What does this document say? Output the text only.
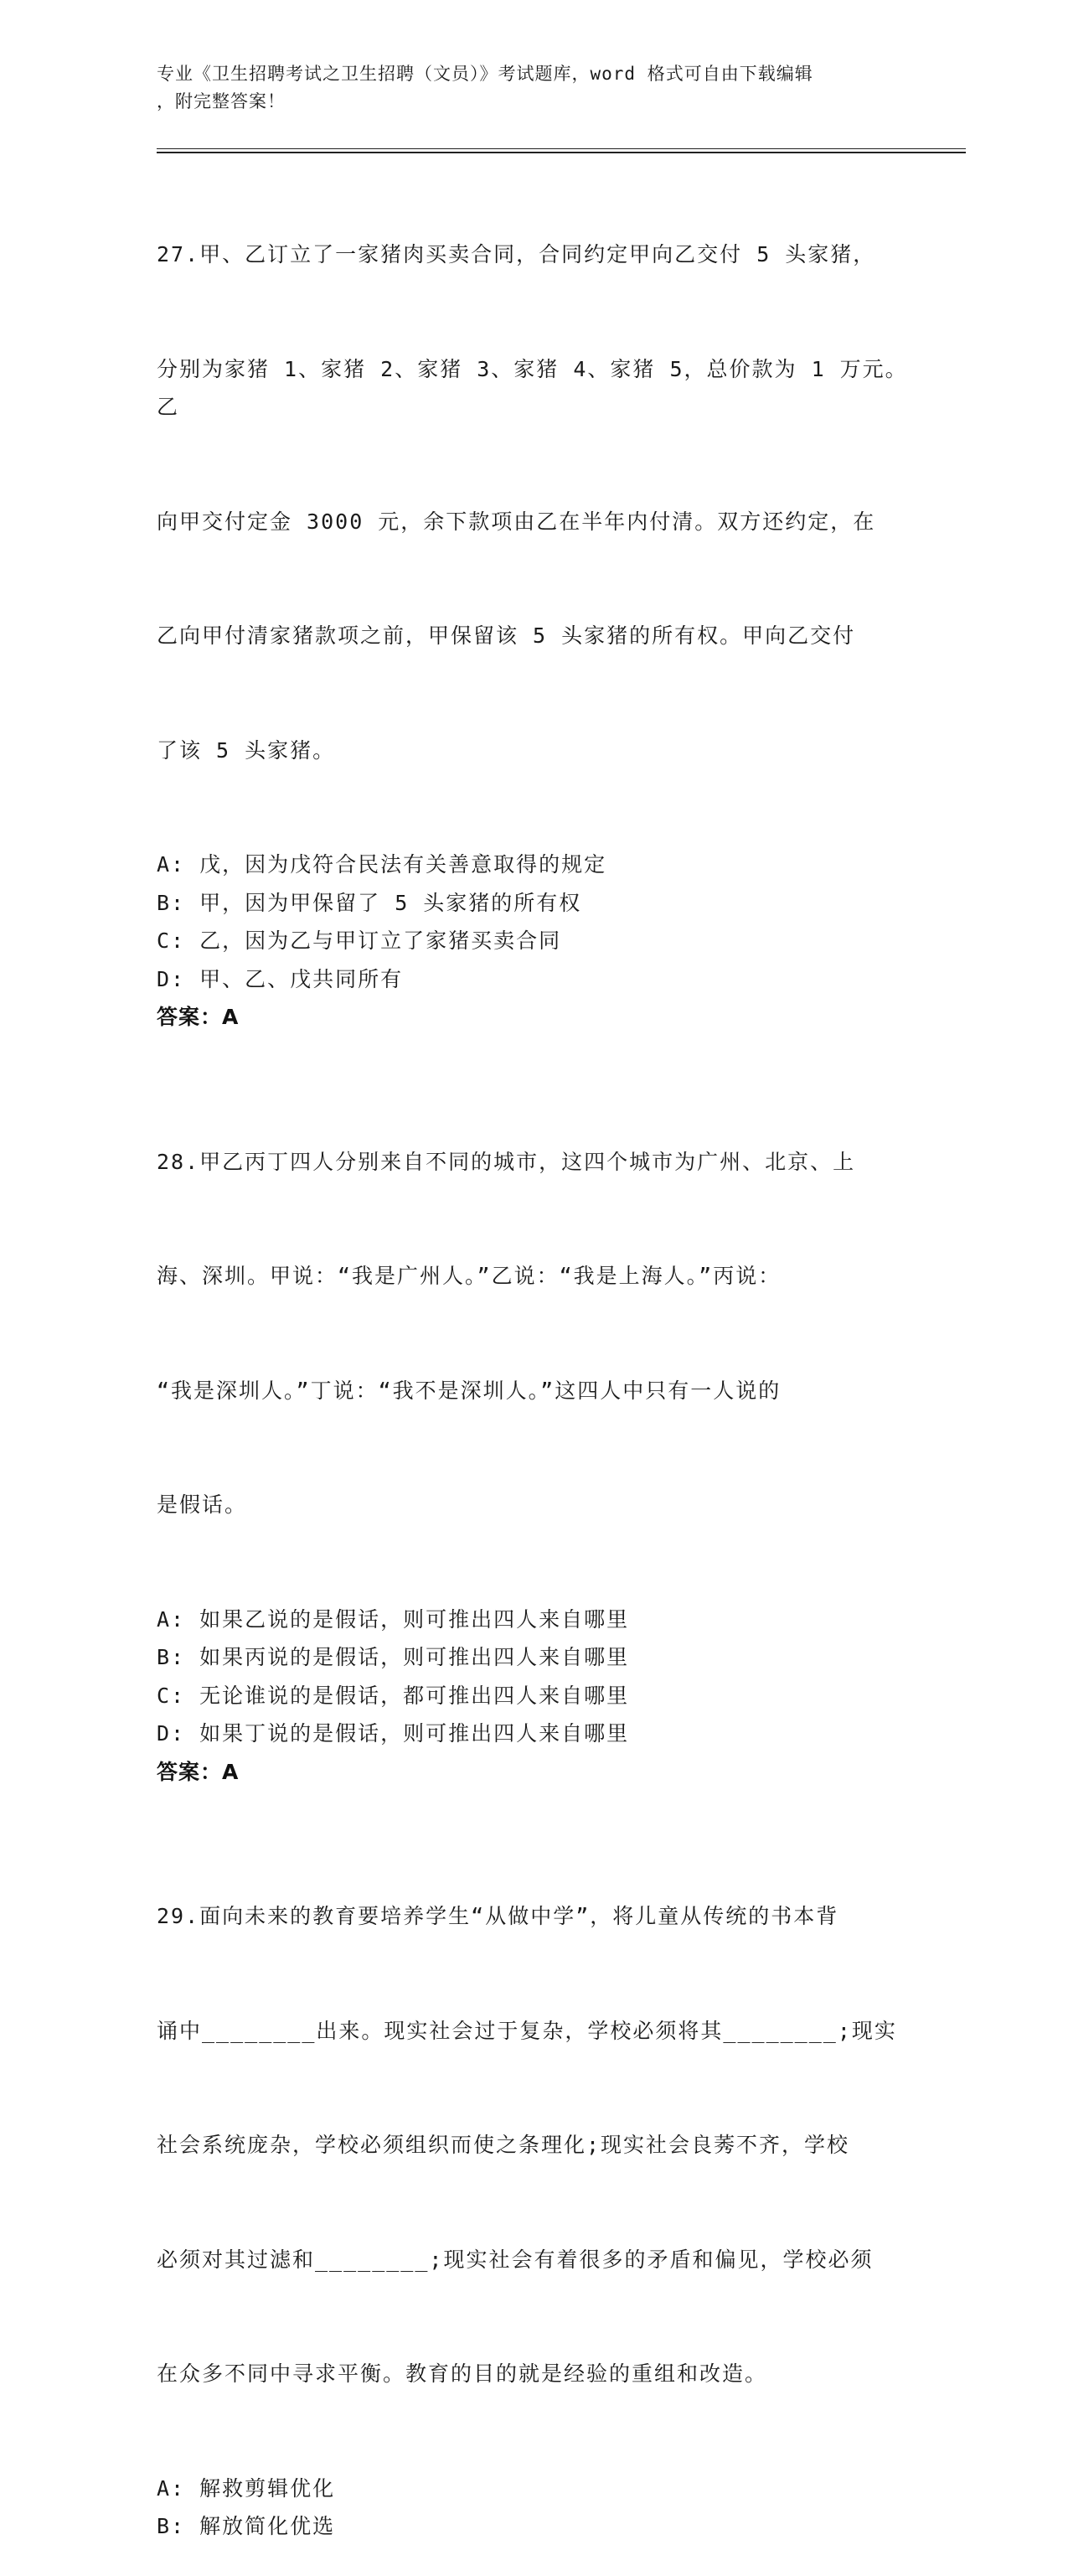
专业《卫生招聘考试之卫生招聘（文员）》考试题库，word 格式可自由下载编辑
，附完整答案！

27.甲、乙订立了一家猪肉买卖合同，合同约定甲向乙交付 5 头家猪，

分别为家猪 1、家猪 2、家猪 3、家猪 4、家猪 5，总价款为 1 万元。乙

向甲交付定金 3000 元，余下款项由乙在半年内付清。双方还约定，在

乙向甲付清家猪款项之前，甲保留该 5 头家猪的所有权。甲向乙交付

了该 5 头家猪。

A: 戊，因为戊符合民法有关善意取得的规定
B: 甲，因为甲保留了 5 头家猪的所有权
C: 乙，因为乙与甲订立了家猪买卖合同
D: 甲、乙、戊共同所有
答案：A

28.甲乙丙丁四人分别来自不同的城市，这四个城市为广州、北京、上

海、深圳。甲说：“我是广州人。”乙说：“我是上海人。”丙说：

“我是深圳人。”丁说：“我不是深圳人。”这四人中只有一人说的

是假话。

A: 如果乙说的是假话，则可推出四人来自哪里
B: 如果丙说的是假话，则可推出四人来自哪里
C: 无论谁说的是假话，都可推出四人来自哪里
D: 如果丁说的是假话，则可推出四人来自哪里
答案：A

29.面向未来的教育要培养学生“从做中学”，将儿童从传统的书本背

诵中________出来。现实社会过于复杂，学校必须将其________;现实

社会系统庞杂，学校必须组织而使之条理化;现实社会良莠不齐，学校

必须对其过滤和________;现实社会有着很多的矛盾和偏见，学校必须

在众多不同中寻求平衡。教育的目的就是经验的重组和改造。

A: 解救剪辑优化
B: 解放简化优选
